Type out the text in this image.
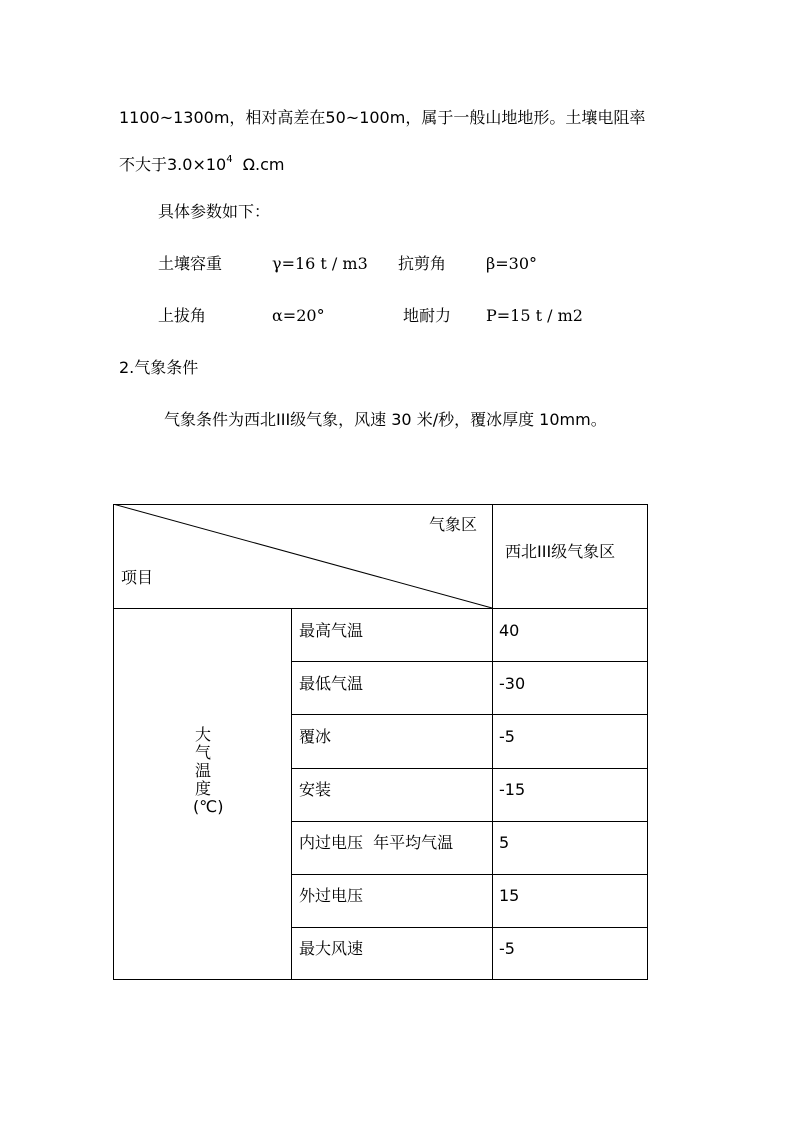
1100~1300m，相对高差在50~100m，属于一般山地地形。土壤电阻率
不大于$3.0\times 10^4$  Ω.cm
具体参数如下：
土壤容重	γ=16 t / m3 抗剪角 β=30°
上拔角	α=20°	地耐力 P=15 t / m2
2.气象条件
气象条件为西北III级气象，风速 30 米/秒，覆冰厚度 10mm。
气象区
项目
西北III级气象区
大气温度(℃)
最高气温	40
最低气温	-30
覆冰	-5
安装	-15
内过电压  年平均气温	5
外过电压	15
最大风速	-5
